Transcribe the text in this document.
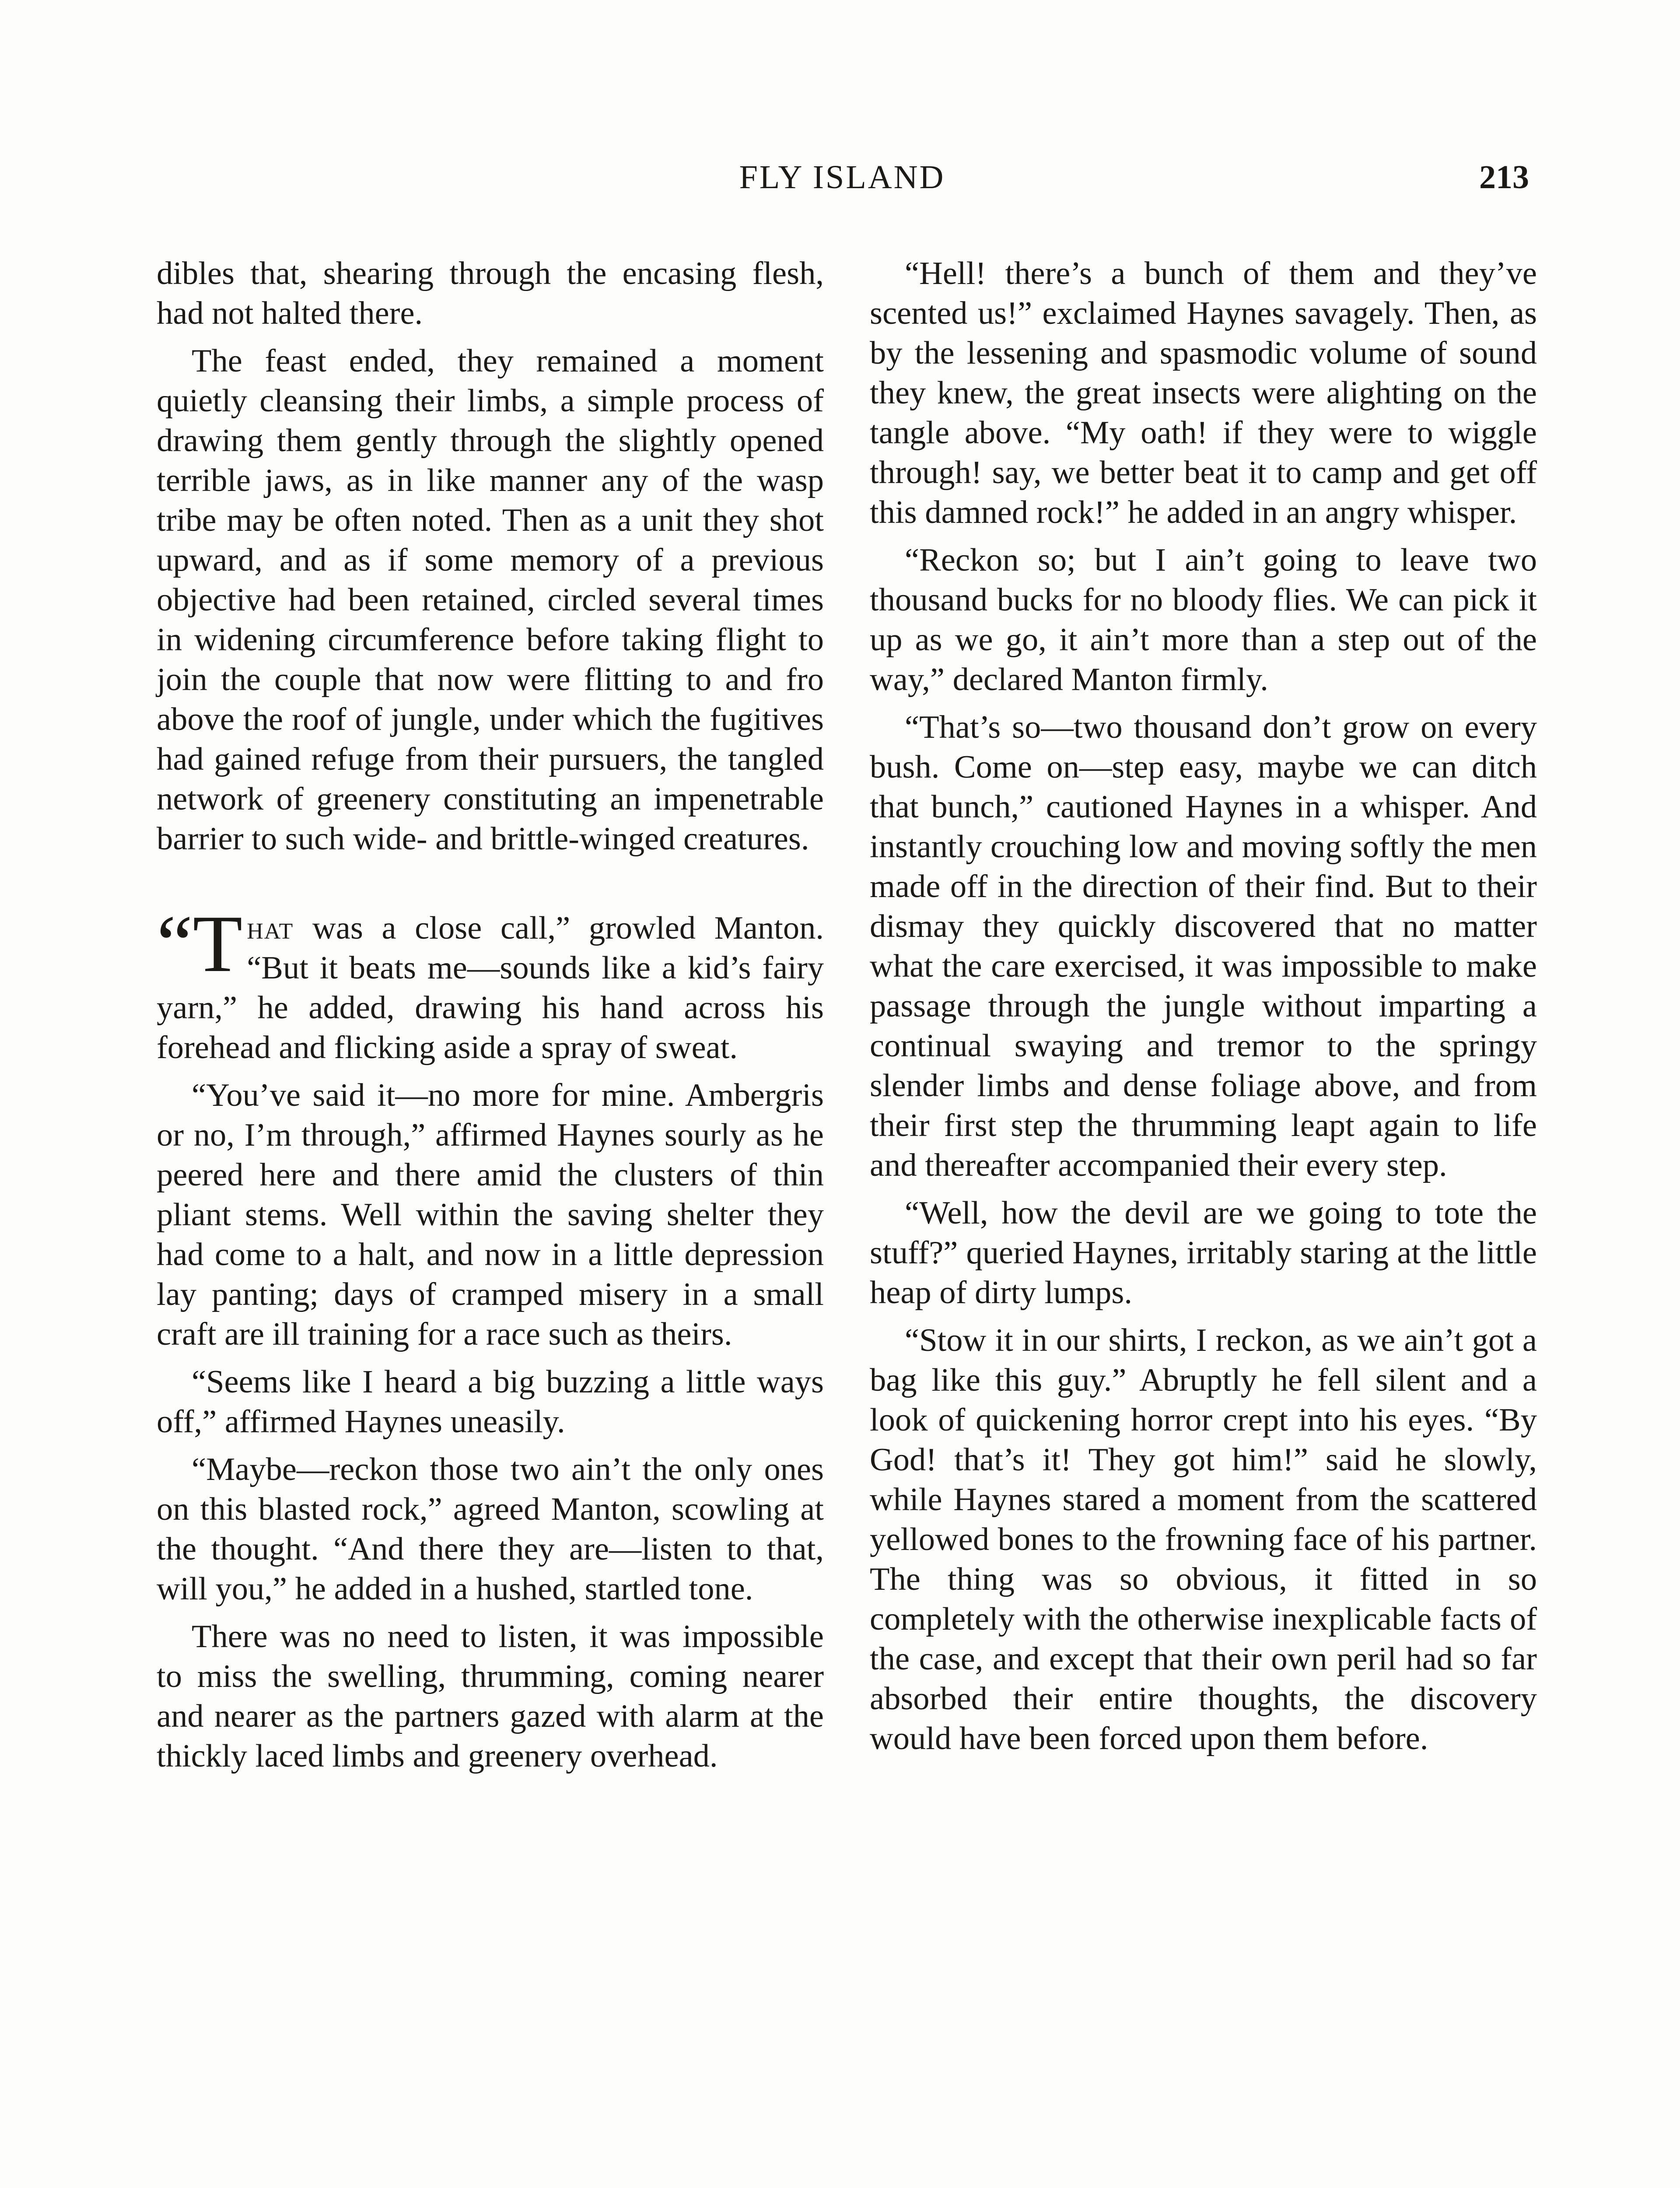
FLY ISLAND	213

dibles that, shearing through the encasing flesh, had not halted there.

The feast ended, they remained a moment quietly cleansing their limbs, a simple process of drawing them gently through the slightly opened terrible jaws, as in like manner any of the wasp tribe may be often noted. Then as a unit they shot upward, and as if some memory of a previous objective had been retained, circled several times in widening circumference before taking flight to join the couple that now were flitting to and fro above the roof of jungle, under which the fugitives had gained refuge from their pursuers, the tangled network of greenery constituting an impenetrable barrier to such wide- and brittle-winged creatures.

“T hat was a close call,” growled Manton. “But it beats me—sounds like a kid’s fairy yarn,” he added, drawing his hand across his forehead and flicking aside a spray of sweat.

“You’ve said it—no more for mine. Ambergris or no, I’m through,” affirmed Haynes sourly as he peered here and there amid the clusters of thin pliant stems. Well within the saving shelter they had come to a halt, and now in a little depression lay panting; days of cramped misery in a small craft are ill training for a race such as theirs.

“Seems like I heard a big buzzing a little ways off,” affirmed Haynes uneasily.

“Maybe—reckon those two ain’t the only ones on this blasted rock,” agreed Manton, scowling at the thought. “And there they are—listen to that, will you,” he added in a hushed, startled tone.

There was no need to listen, it was impossible to miss the swelling, thrumming, coming nearer and nearer as the partners gazed with alarm at the thickly laced limbs and greenery overhead.

“Hell! there’s a bunch of them and they’ve scented us!” exclaimed Haynes savagely. Then, as by the lessening and spasmodic volume of sound they knew, the great insects were alighting on the tangle above. “My oath! if they were to wiggle through! say, we better beat it to camp and get off this damned rock!” he added in an angry whisper.

“Reckon so; but I ain’t going to leave two thousand bucks for no bloody flies. We can pick it up as we go, it ain’t more than a step out of the way,” declared Manton firmly.

“That’s so—two thousand don’t grow on every bush. Come on—step easy, maybe we can ditch that bunch,” cautioned Haynes in a whisper. And instantly crouching low and moving softly the men made off in the direction of their find. But to their dismay they quickly discovered that no matter what the care exercised, it was impossible to make passage through the jungle without imparting a continual swaying and tremor to the springy slender limbs and dense foliage above, and from their first step the thrumming leapt again to life and thereafter accompanied their every step.

“Well, how the devil are we going to tote the stuff?” queried Haynes, irritably staring at the little heap of dirty lumps.

“Stow it in our shirts, I reckon, as we ain’t got a bag like this guy.” Abruptly he fell silent and a look of quickening horror crept into his eyes. “By God! that’s it! They got him!” said he slowly, while Haynes stared a moment from the scattered yellowed bones to the frowning face of his partner. The thing was so obvious, it fitted in so completely with the otherwise inexplicable facts of the case, and except that their own peril had so far absorbed their entire thoughts, the discovery would have been forced upon them before.
